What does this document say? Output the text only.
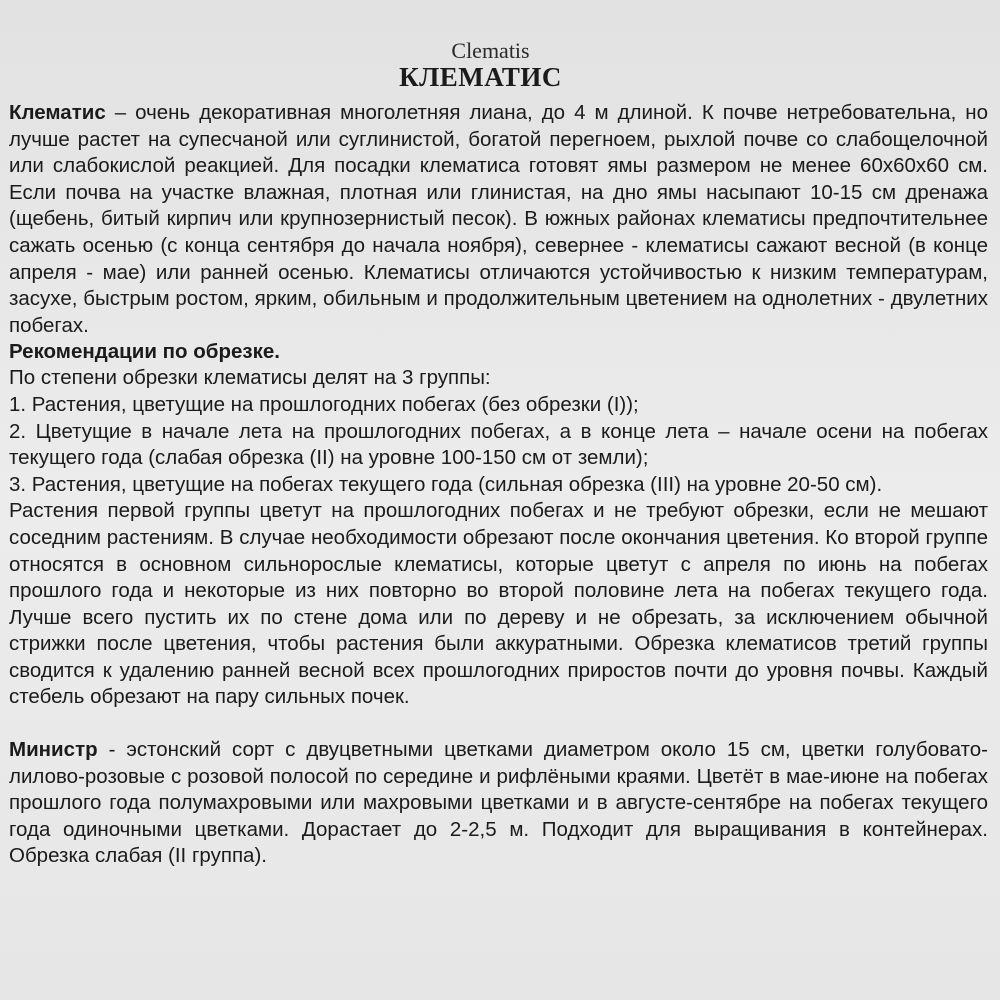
Clematis
КЛЕМАТИС

Клематис – очень декоративная многолетняя лиана, до 4 м длиной. К почве нетребовательна, но лучше растет на супесчаной или суглинистой, богатой перегноем, рыхлой почве со слабощелочной или слабокислой реакцией. Для посадки клематиса готовят ямы размером не менее 60х60х60 см. Если почва на участке влажная, плотная или глинистая, на дно ямы насыпают 10-15 см дренажа (щебень, битый кирпич или крупнозернистый песок). В южных районах клематисы предпочтительнее сажать осенью (с конца сентября до начала ноября), севернее - клематисы сажают весной (в конце апреля - мае) или ранней осенью. Клематисы отличаются устойчивостью к низким температурам, засухе, быстрым ростом, ярким, обильным и продолжительным цветением на однолетних - двулетних побегах.

Рекомендации по обрезке.

По степени обрезки клематисы делят на 3 группы:

1. Растения, цветущие на прошлогодних побегах (без обрезки (I));

2. Цветущие в начале лета на прошлогодних побегах, а в конце лета – начале осени на побегах текущего года (слабая обрезка (II) на уровне 100-150 см от земли);

3. Растения, цветущие на побегах текущего года (сильная обрезка (III) на уровне 20-50 см).

Растения первой группы цветут на прошлогодних побегах и не требуют обрезки, если не мешают соседним растениям. В случае необходимости обрезают после окончания цветения. Ко второй группе относятся в основном сильнорослые клематисы, которые цветут с апреля по июнь на побегах прошлого года и некоторые из них повторно во второй половине лета на побегах текущего года. Лучше всего пустить их по стене дома или по дереву и не обрезать, за исключением обычной стрижки после цветения, чтобы растения были аккуратными. Обрезка клематисов третий группы сводится к удалению ранней весной всех прошлогодних приростов почти до уровня почвы. Каждый стебель обрезают на пару сильных почек.

Министр - эстонский сорт с двуцветными цветками диаметром около 15 см, цветки голубовато-лилово-розовые с розовой полосой по середине и рифлёными краями. Цветёт в мае-июне на побегах прошлого года полумахровыми или махровыми цветками и в августе-сентябре на побегах текущего года одиночными цветками. Дорастает до 2-2,5 м. Подходит для выращивания в контейнерах. Обрезка слабая (II группа).
